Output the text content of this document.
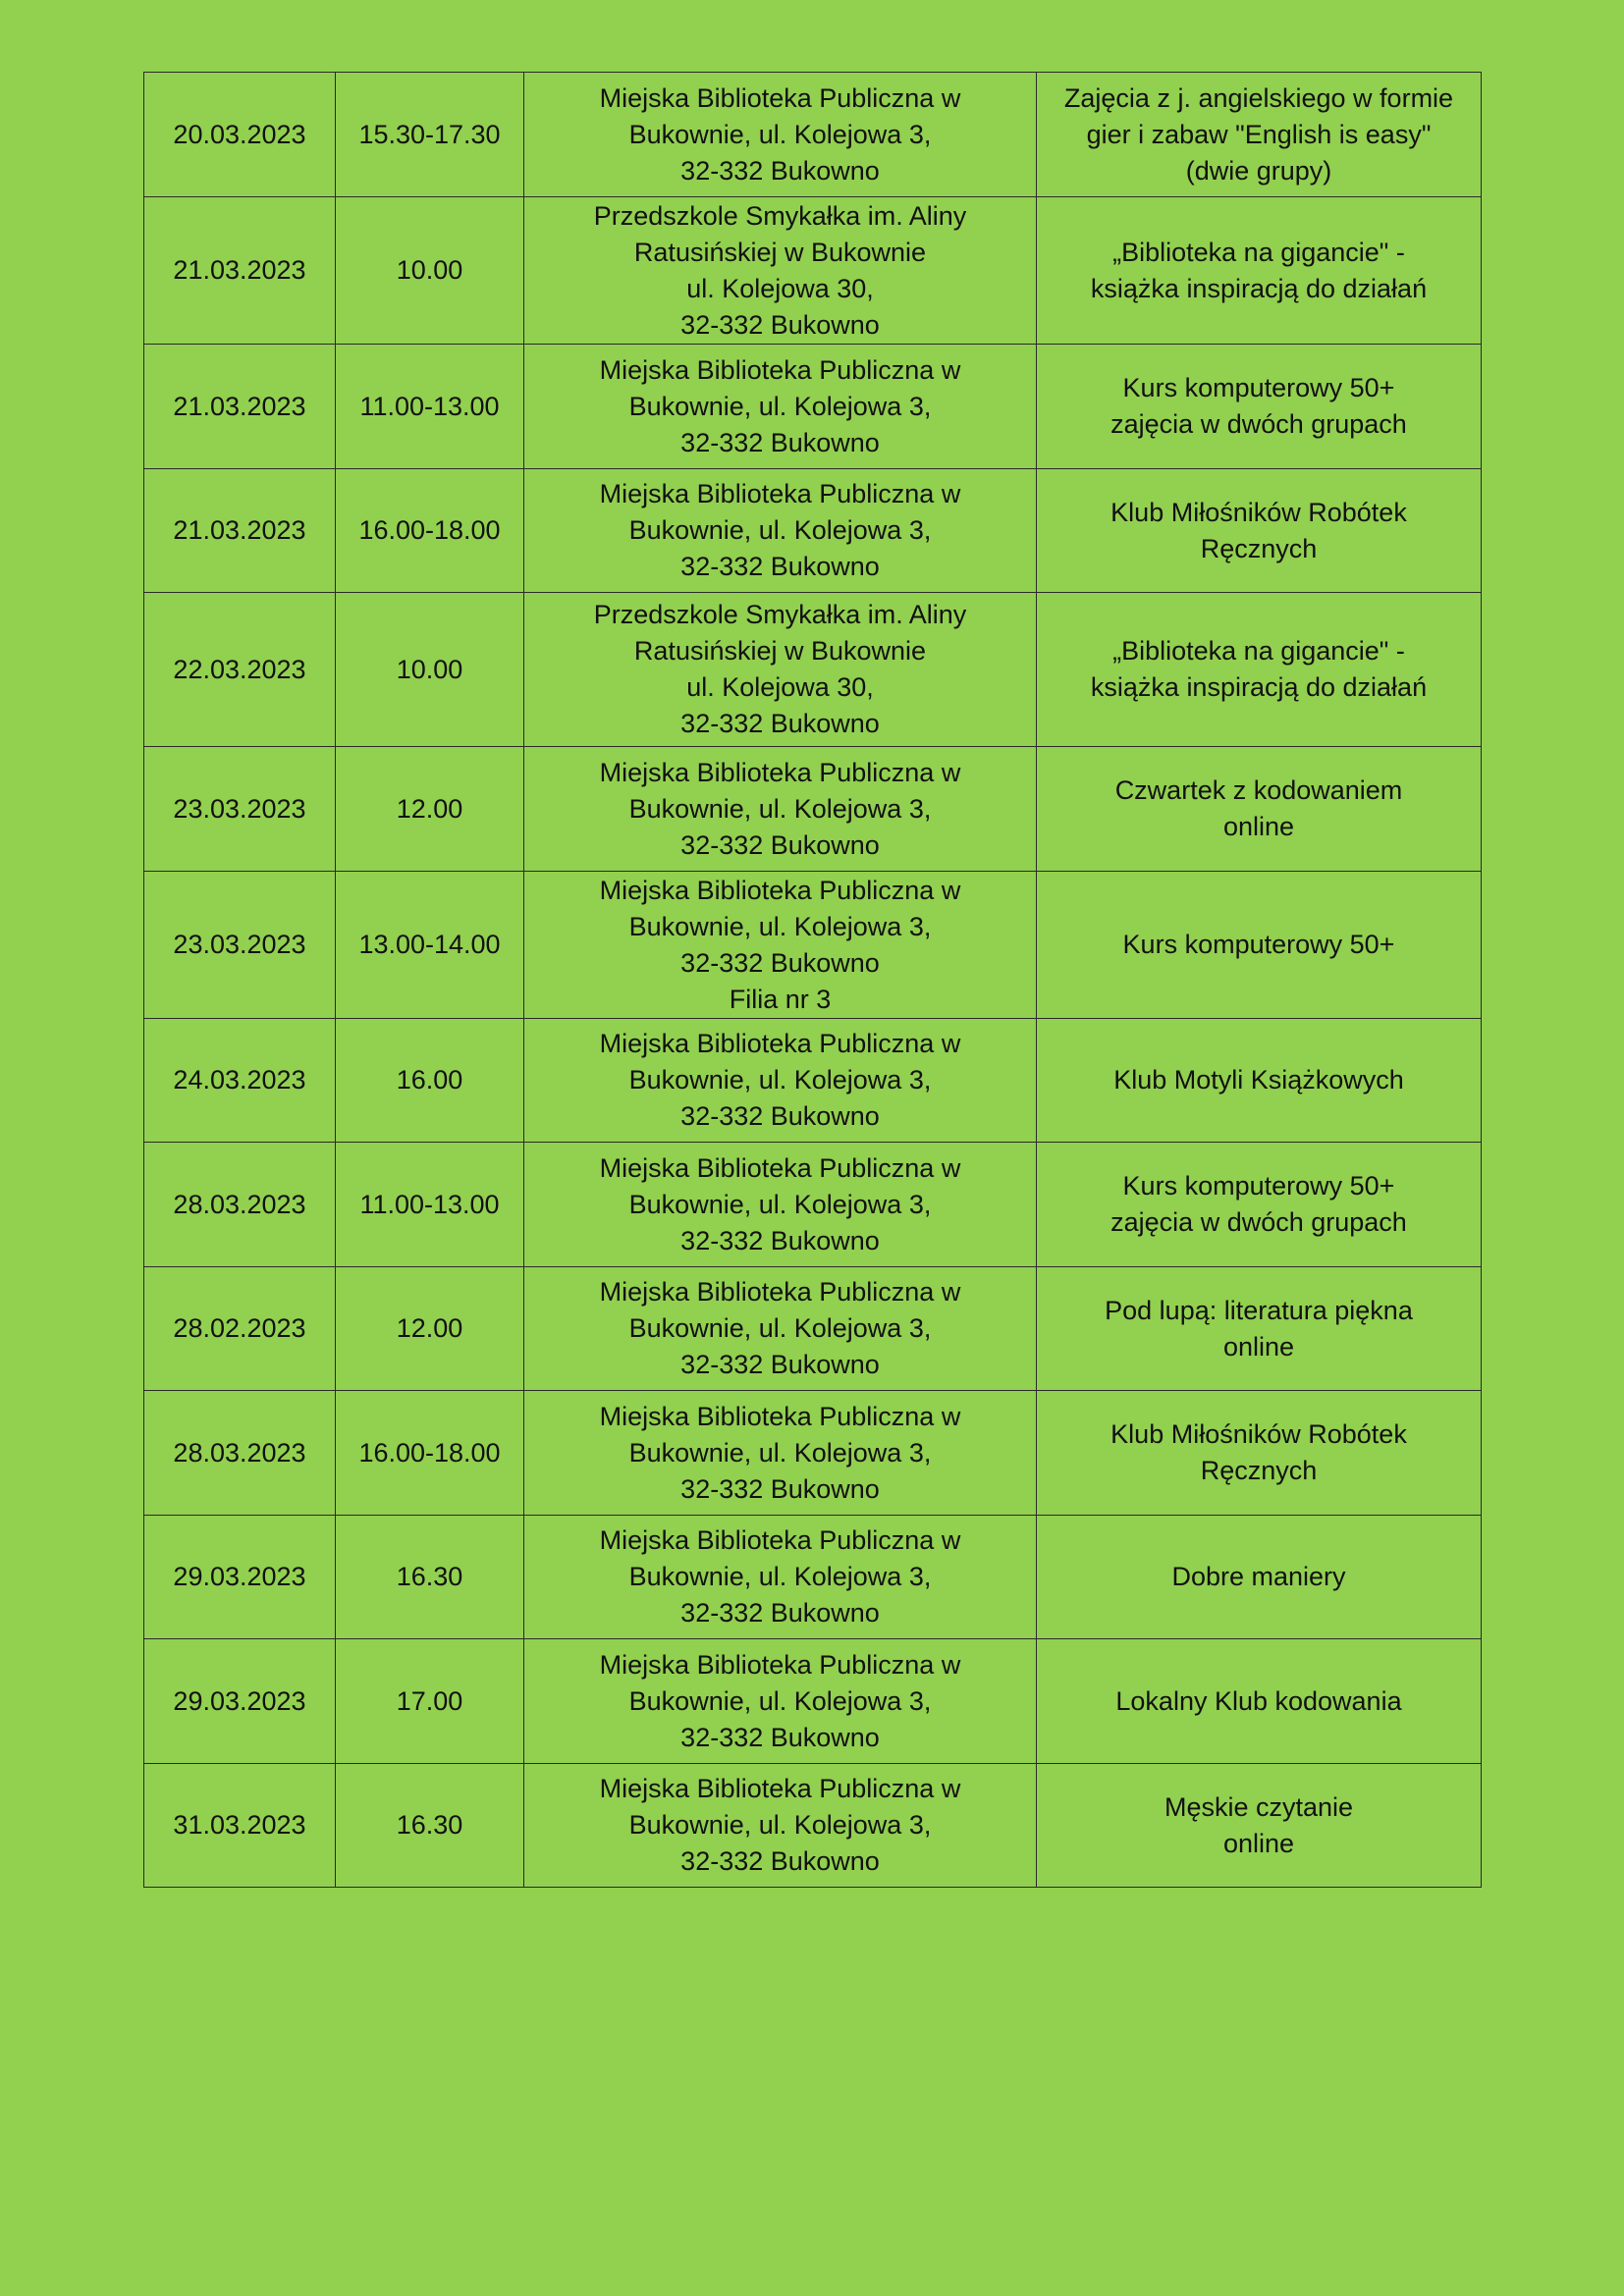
20.03.2023	15.30-17.30	Miejska Biblioteka Publiczna w
Bukownie, ul. Kolejowa 3,
32-332 Bukowno	Zajęcia z j. angielskiego w formie
gier i zabaw "English is easy"
(dwie grupy)
21.03.2023	10.00	Przedszkole Smykałka im. Aliny
Ratusińskiej w Bukownie
ul. Kolejowa 30,
32-332 Bukowno	„Biblioteka na gigancie" -
książka inspiracją do działań
21.03.2023	11.00-13.00	Miejska Biblioteka Publiczna w
Bukownie, ul. Kolejowa 3,
32-332 Bukowno	Kurs komputerowy 50+
zajęcia w dwóch grupach
21.03.2023	16.00-18.00	Miejska Biblioteka Publiczna w
Bukownie, ul. Kolejowa 3,
32-332 Bukowno	Klub Miłośników Robótek
Ręcznych
22.03.2023	10.00	Przedszkole Smykałka im. Aliny
Ratusińskiej w Bukownie
ul. Kolejowa 30,
32-332 Bukowno	„Biblioteka na gigancie" -
książka inspiracją do działań
23.03.2023	12.00	Miejska Biblioteka Publiczna w
Bukownie, ul. Kolejowa 3,
32-332 Bukowno	Czwartek z kodowaniem
online
23.03.2023	13.00-14.00	Miejska Biblioteka Publiczna w
Bukownie, ul. Kolejowa 3,
32-332 Bukowno
Filia nr 3	Kurs komputerowy 50+
24.03.2023	16.00	Miejska Biblioteka Publiczna w
Bukownie, ul. Kolejowa 3,
32-332 Bukowno	Klub Motyli Książkowych
28.03.2023	11.00-13.00	Miejska Biblioteka Publiczna w
Bukownie, ul. Kolejowa 3,
32-332 Bukowno	Kurs komputerowy 50+
zajęcia w dwóch grupach
28.02.2023	12.00	Miejska Biblioteka Publiczna w
Bukownie, ul. Kolejowa 3,
32-332 Bukowno	Pod lupą: literatura piękna
online
28.03.2023	16.00-18.00	Miejska Biblioteka Publiczna w
Bukownie, ul. Kolejowa 3,
32-332 Bukowno	Klub Miłośników Robótek
Ręcznych
29.03.2023	16.30	Miejska Biblioteka Publiczna w
Bukownie, ul. Kolejowa 3,
32-332 Bukowno	Dobre maniery
29.03.2023	17.00	Miejska Biblioteka Publiczna w
Bukownie, ul. Kolejowa 3,
32-332 Bukowno	Lokalny Klub kodowania
31.03.2023	16.30	Miejska Biblioteka Publiczna w
Bukownie, ul. Kolejowa 3,
32-332 Bukowno	Męskie czytanie
online
